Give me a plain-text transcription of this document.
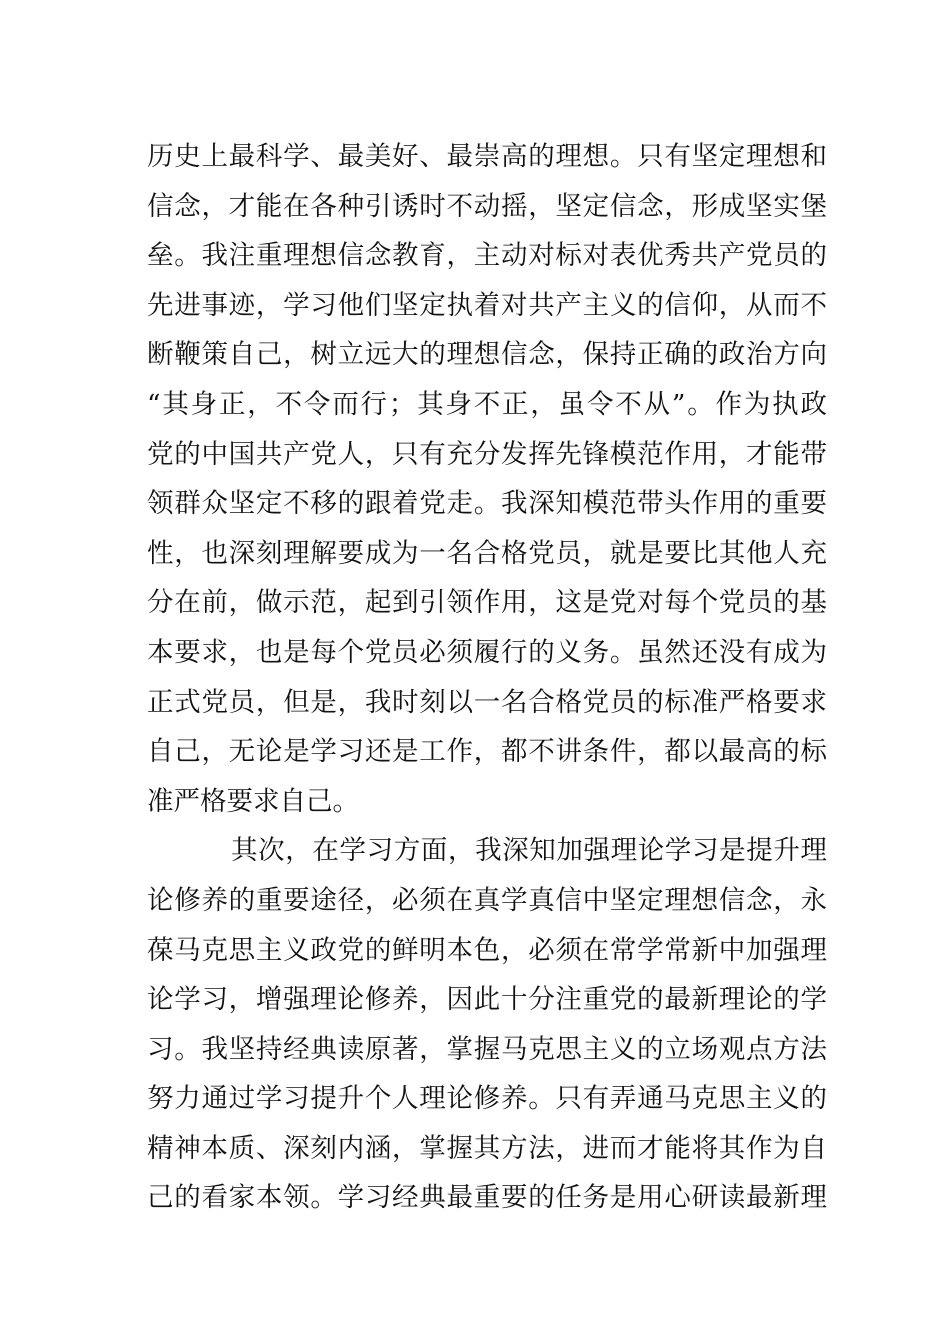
历史上最科学、最美好、最崇高的理想。只有坚定理想和
信念，才能在各种引诱时不动摇，坚定信念，形成坚实堡
垒。我注重理想信念教育，主动对标对表优秀共产党员的
先进事迹，学习他们坚定执着对共产主义的信仰，从而不
断鞭策自己，树立远大的理想信念，保持正确的政治方向
“其身正，不令而行；其身不正，虽令不从”。作为执政
党的中国共产党人，只有充分发挥先锋模范作用，才能带
领群众坚定不移的跟着党走。我深知模范带头作用的重要
性，也深刻理解要成为一名合格党员，就是要比其他人充
分在前，做示范，起到引领作用，这是党对每个党员的基
本要求，也是每个党员必须履行的义务。虽然还没有成为
正式党员，但是，我时刻以一名合格党员的标准严格要求
自己，无论是学习还是工作，都不讲条件，都以最高的标
准严格要求自己。
其次，在学习方面，我深知加强理论学习是提升理
论修养的重要途径，必须在真学真信中坚定理想信念，永
葆马克思主义政党的鲜明本色，必须在常学常新中加强理
论学习，增强理论修养，因此十分注重党的最新理论的学
习。我坚持经典读原著，掌握马克思主义的立场观点方法
努力通过学习提升个人理论修养。只有弄通马克思主义的
精神本质、深刻内涵，掌握其方法，进而才能将其作为自
己的看家本领。学习经典最重要的任务是用心研读最新理
